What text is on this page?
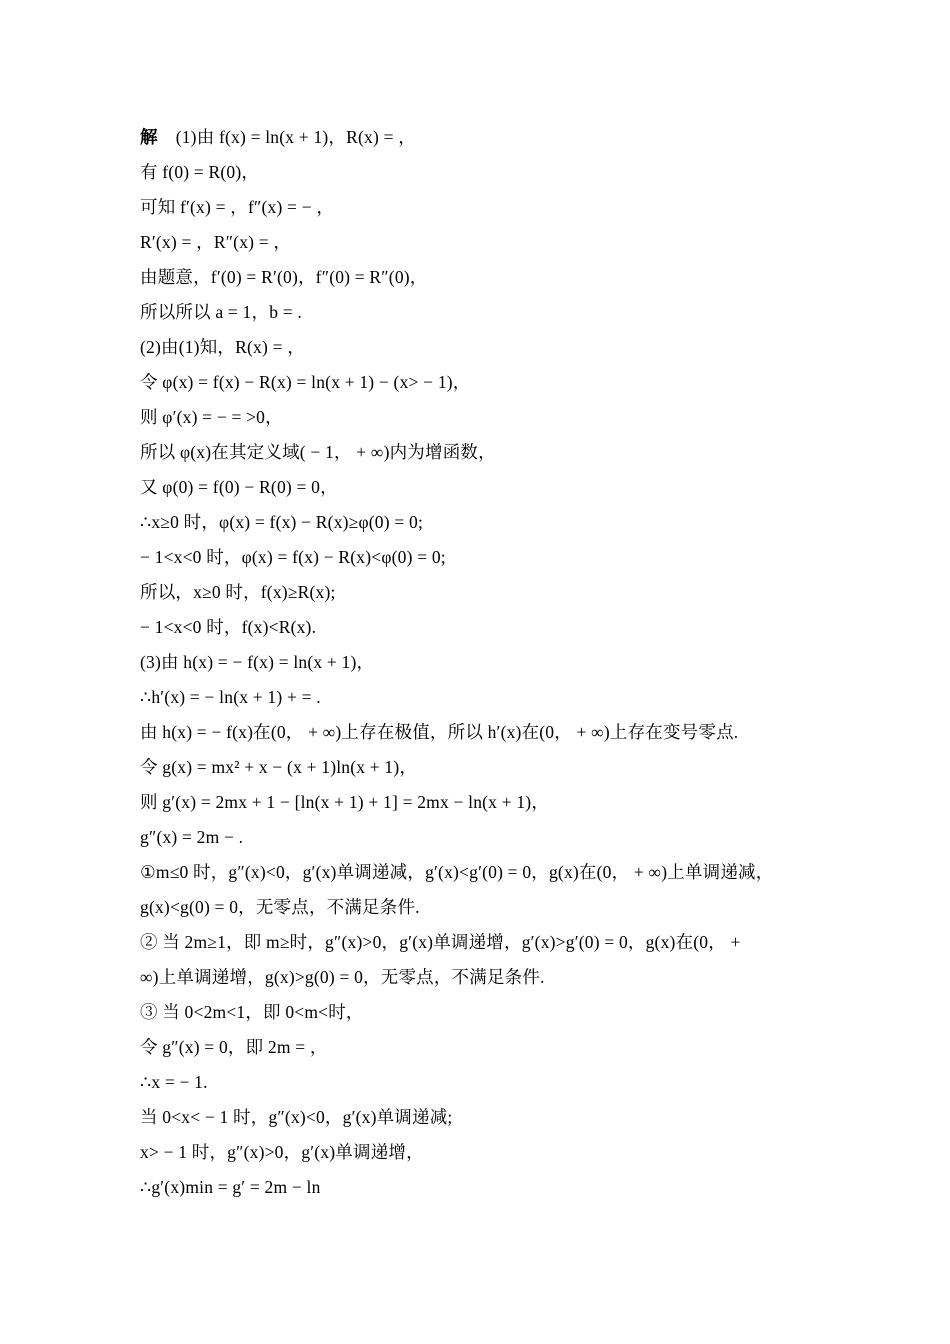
解 (1)由 f(x) = ln(x + 1)，R(x) = ，
有 f(0) = R(0)，
可知 f′(x) = ，f″(x) = − ，
R′(x) = ，R″(x) = ，
由题意，f′(0) = R′(0)，f″(0) = R″(0)，
所以所以 a = 1，b = .
(2)由(1)知，R(x) = ，
令 φ(x) = f(x) − R(x) = ln(x + 1) − (x> − 1)，
则 φ′(x) = − = >0，
所以 φ(x)在其定义域( − 1， + ∞)内为增函数，
又 φ(0) = f(0) − R(0) = 0，
∴x≥0 时，φ(x) = f(x) − R(x)≥φ(0) = 0;
− 1<x<0 时，φ(x) = f(x) − R(x)<φ(0) = 0;
所以，x≥0 时，f(x)≥R(x);
− 1<x<0 时，f(x)<R(x).
(3)由 h(x) = − f(x) = ln(x + 1)，
∴h′(x) = − ln(x + 1) + = .
由 h(x) = − f(x)在(0， + ∞)上存在极值，所以 h′(x)在(0， + ∞)上存在变号零点.
令 g(x) = mx² + x − (x + 1)ln(x + 1)，
则 g′(x) = 2mx + 1 − [ln(x + 1) + 1] = 2mx − ln(x + 1)，
g″(x) = 2m − .
①m≤0 时，g″(x)<0，g′(x)单调递减，g′(x)<g′(0) = 0，g(x)在(0， + ∞)上单调递减，
g(x)<g(0) = 0，无零点，不满足条件.
② 当 2m≥1，即 m≥时，g″(x)>0，g′(x)单调递增，g′(x)>g′(0) = 0，g(x)在(0， +
∞)上单调递增，g(x)>g(0) = 0，无零点，不满足条件.
③ 当 0<2m<1，即 0<m<时，
令 g″(x) = 0，即 2m = ，
∴x = − 1.
当 0<x< − 1 时，g″(x)<0，g′(x)单调递减;
x> − 1 时，g″(x)>0，g′(x)单调递增，
∴g′(x)min = g′ = 2m − ln
